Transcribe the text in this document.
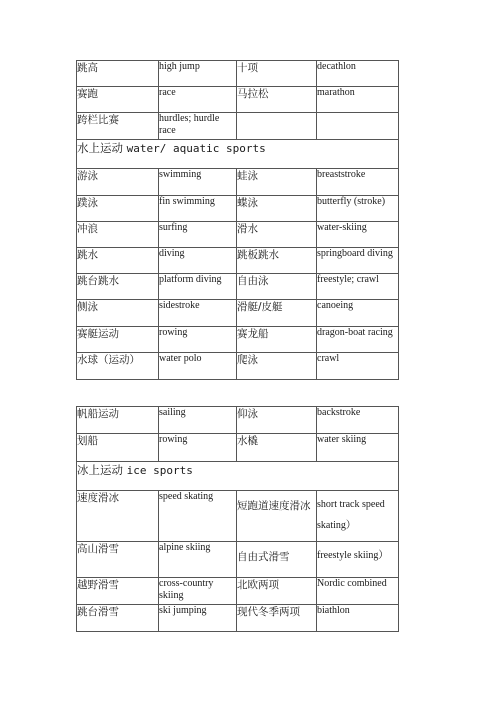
跳高	high jump	十项	decathlon
赛跑	race	马拉松	marathon
跨栏比赛	hurdles; hurdle race		
水上运动 water/ aquatic sports			
游泳	swimming	蛙泳	breaststroke
蹼泳	fin swimming	蝶泳	butterfly (stroke)
冲浪	surfing	滑水	water-skiing
跳水	diving	跳板跳水	springboard diving
跳台跳水	platform diving	自由泳	freestyle; crawl
侧泳	sidestroke	滑艇/皮艇	canoeing
赛艇运动	rowing	赛龙船	dragon-boat racing
水球（运动）	water polo	爬泳	crawl
帆船运动	sailing	仰泳	backstroke
划船	rowing	水橇	water skiing
冰上运动 ice sports			
速度滑冰	speed skating	短跑道速度滑冰	short track speed skating）
高山滑雪	alpine skiing	自由式滑雪	freestyle skiing）
越野滑雪	cross-country skiing	北欧两项	Nordic combined
跳台滑雪	ski jumping	现代冬季两项	biathlon
